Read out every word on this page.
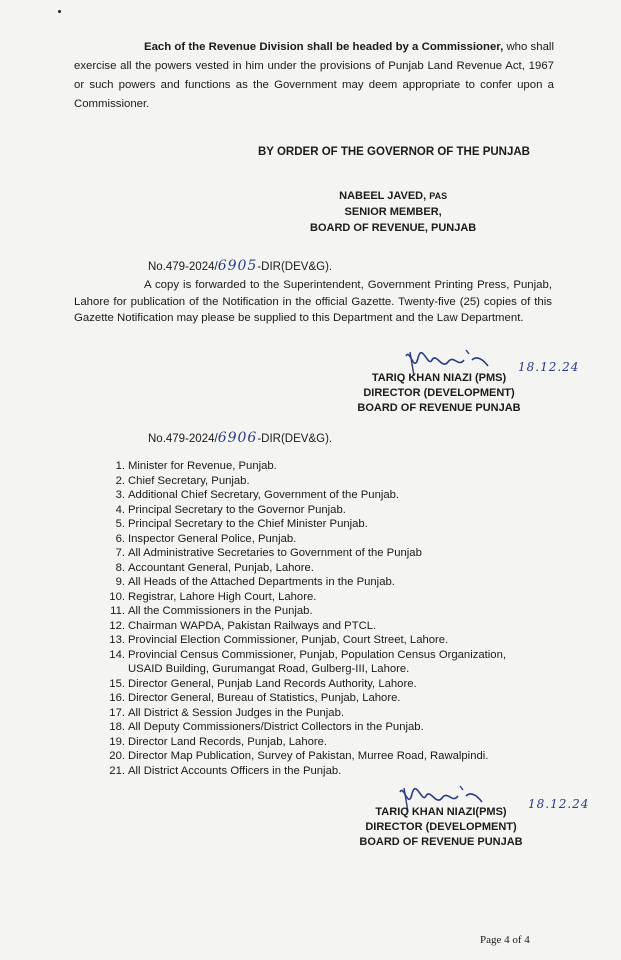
Each of the Revenue Division shall be headed by a Commissioner, who shall exercise all the powers vested in him under the provisions of Punjab Land Revenue Act, 1967 or such powers and functions as the Government may deem appropriate to confer upon a Commissioner.

BY ORDER OF THE GOVERNOR OF THE PUNJAB
NABEEL JAVED, PAS
SENIOR MEMBER,
BOARD OF REVENUE, PUNJAB
No.479-2024/6905-DIR(DEV&G).

A copy is forwarded to the Superintendent, Government Printing Press, Punjab, Lahore for publication of the Notification in the official Gazette. Twenty-five (25) copies of this Gazette Notification may please be supplied to this Department and the Law Department.

18.12.24
TARIQ KHAN NIAZI (PMS)
DIRECTOR (DEVELOPMENT)
BOARD OF REVENUE PUNJAB
No.479-2024/6906-DIR(DEV&G).
1. Minister for Revenue, Punjab.
2. Chief Secretary, Punjab.
3. Additional Chief Secretary, Government of the Punjab.
4. Principal Secretary to the Governor Punjab.
5. Principal Secretary to the Chief Minister Punjab.
6. Inspector General Police, Punjab.
7. All Administrative Secretaries to Government of the Punjab
8. Accountant General, Punjab, Lahore.
9. All Heads of the Attached Departments in the Punjab.
10. Registrar, Lahore High Court, Lahore.
11. All the Commissioners in the Punjab.
12. Chairman WAPDA, Pakistan Railways and PTCL.
13. Provincial Election Commissioner, Punjab, Court Street, Lahore.
14. Provincial Census Commissioner, Punjab, Population Census Organization,
USAID Building, Gurumangat Road, Gulberg-III, Lahore.
15. Director General, Punjab Land Records Authority, Lahore.
16. Director General, Bureau of Statistics, Punjab, Lahore.
17. All District & Session Judges in the Punjab.
18. All Deputy Commissioners/District Collectors in the Punjab.
19. Director Land Records, Punjab, Lahore.
20. Director Map Publication, Survey of Pakistan, Murree Road, Rawalpindi.
21. All District Accounts Officers in the Punjab.
18.12.24
TARIQ KHAN NIAZI(PMS)
DIRECTOR (DEVELOPMENT)
BOARD OF REVENUE PUNJAB
Page 4 of 4
